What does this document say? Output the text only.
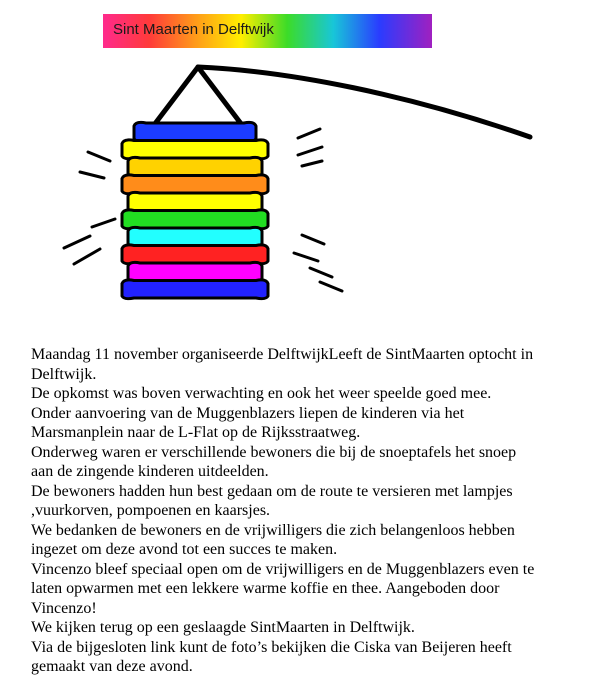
Sint Maarten in Delftwijk

Maandag 11 november organiseerde DelftwijkLeeft de SintMaarten optocht in

Delftwijk.

De opkomst was boven verwachting en ook het weer speelde goed mee.

Onder aanvoering van de Muggenblazers liepen de kinderen via het

Marsmanplein naar de L-Flat op de Rijksstraatweg.

Onderweg waren er verschillende bewoners die bij de snoeptafels het snoep

aan de zingende kinderen uitdeelden.

De bewoners hadden hun best gedaan om de route te versieren met lampjes

,vuurkorven, pompoenen en kaarsjes.

We bedanken de bewoners en de vrijwilligers die zich belangenloos hebben

ingezet om deze avond tot een succes te maken.

Vincenzo bleef speciaal open om de vrijwilligers en de Muggenblazers even te

laten opwarmen met een lekkere warme koffie en thee. Aangeboden door

Vincenzo!

We kijken terug op een geslaagde SintMaarten in Delftwijk.

Via de bijgesloten link kunt de foto’s bekijken die Ciska van Beijeren heeft

gemaakt van deze avond.
